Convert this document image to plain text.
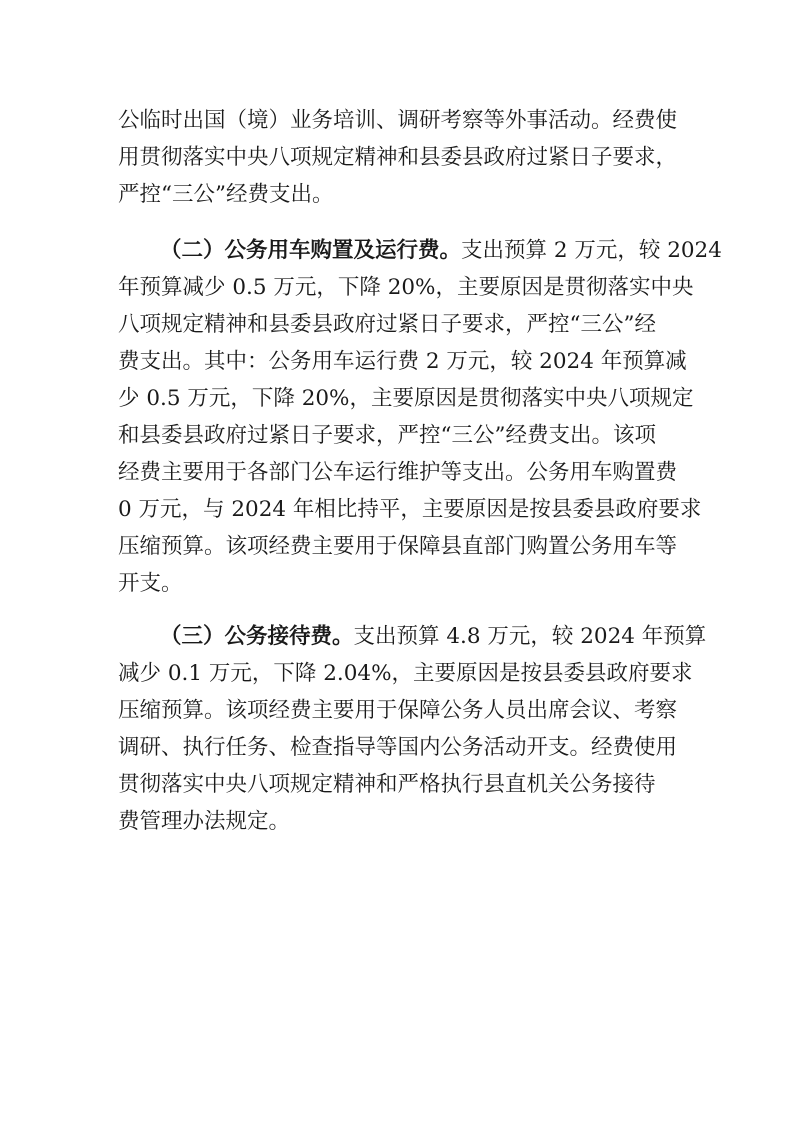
公临时出国（境）业务培训、调研考察等外事活动。经费使
用贯彻落实中央八项规定精神和县委县政府过紧日子要求，
严控“三公”经费支出。
（二）公务用车购置及运行费。支出预算 2 万元，较 2024
年预算减少 0.5 万元，下降 20%，主要原因是贯彻落实中央
八项规定精神和县委县政府过紧日子要求，严控“三公”经
费支出。其中：公务用车运行费 2 万元，较 2024 年预算减
少 0.5 万元，下降 20%，主要原因是贯彻落实中央八项规定
和县委县政府过紧日子要求，严控“三公”经费支出。该项
经费主要用于各部门公车运行维护等支出。公务用车购置费
0 万元，与 2024 年相比持平，主要原因是按县委县政府要求
压缩预算。该项经费主要用于保障县直部门购置公务用车等
开支。
（三）公务接待费。支出预算 4.8 万元，较 2024 年预算
减少 0.1 万元，下降 2.04%，主要原因是按县委县政府要求
压缩预算。该项经费主要用于保障公务人员出席会议、考察
调研、执行任务、检查指导等国内公务活动开支。经费使用
贯彻落实中央八项规定精神和严格执行县直机关公务接待
费管理办法规定。
